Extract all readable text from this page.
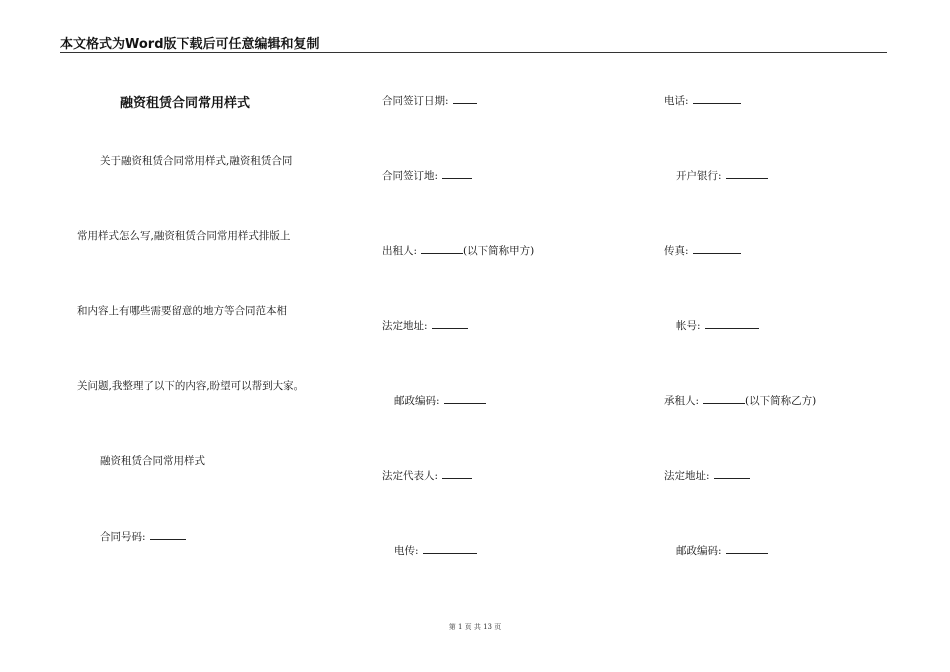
本文格式为Word版下载后可任意编辑和复制
融资租赁合同常用样式
关于融资租赁合同常用样式,融资租赁合同
常用样式怎么写,融资租赁合同常用样式排版上
和内容上有哪些需要留意的地方等合同范本相
关问题,我整理了以下的内容,盼望可以帮到大家。
融资租赁合同常用样式
合同号码:
合同签订日期:
合同签订地:
出租人:	(以下简称甲方)
法定地址:
邮政编码:
法定代表人:
电传:
电话:
开户银行:
传真:
帐号:
承租人:	(以下简称乙方)
法定地址:
邮政编码:
第 1 页 共 13 页
